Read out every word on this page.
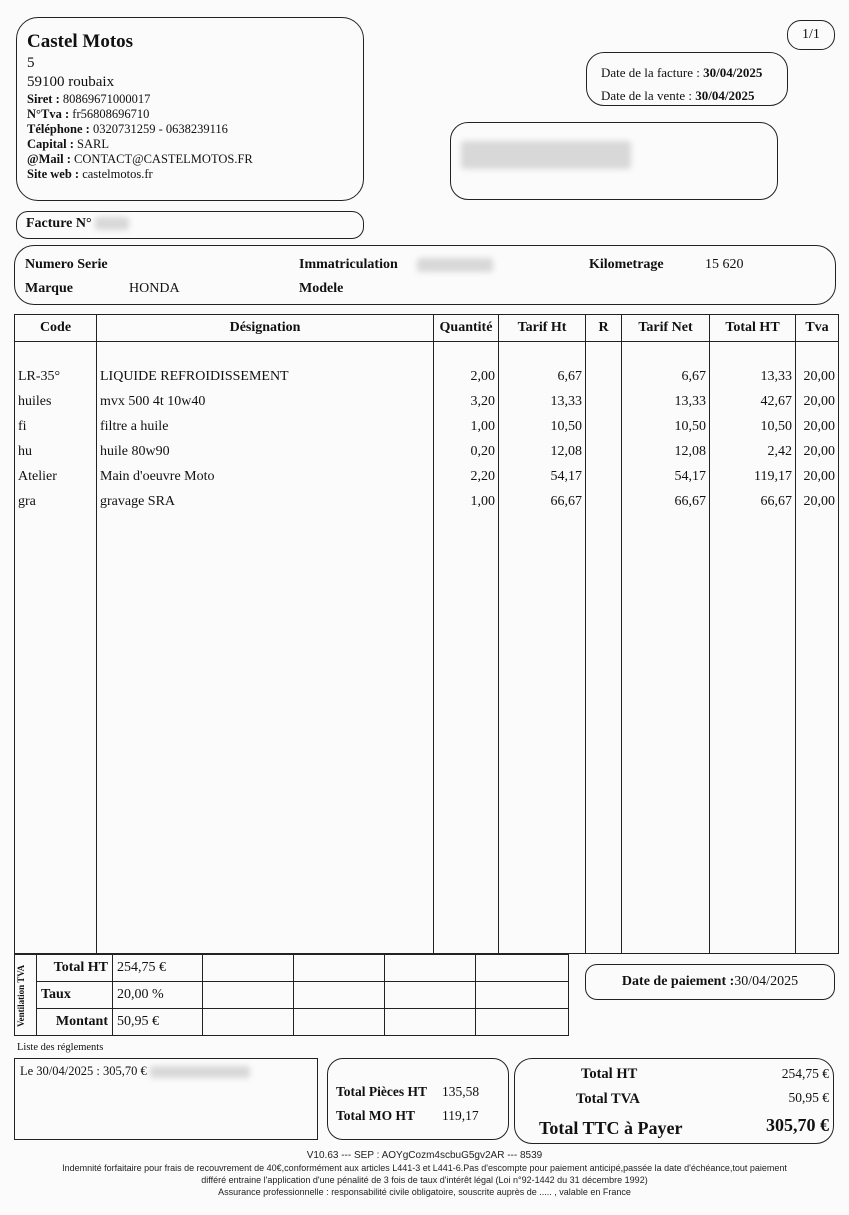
1/1
Castel Motos
5
59100 roubaix
Siret : 80869671000017
N°Tva : fr56808696710
Téléphone : 0320731259 - 0638239116
Capital : SARL
@Mail : CONTACT@CASTELMOTOS.FR
Site web : castelmotos.fr
Date de la facture : 30/04/2025
Date de la vente : 30/04/2025
Facture N°
Numero Serie	Immatriculation	Kilometrage	15 620
Marque	HONDA	Modele
Code	Désignation	Quantité	Tarif Ht	R	Tarif Net	Total HT	Tva

LR-35°	LIQUIDE REFROIDISSEMENT	2,00	6,67		6,67	13,33	20,00
huiles	mvx 500 4t 10w40	3,20	13,33		13,33	42,67	20,00
fi	filtre a huile	1,00	10,50		10,50	10,50	20,00
hu	huile 80w90	0,20	12,08		12,08	2,42	20,00
Atelier	Main d'oeuvre Moto	2,20	54,17		54,17	119,17	20,00
gra	gravage SRA	1,00	66,67		66,67	66,67	20,00

Ventilation TVA	Total HT	254,75 €				
	Taux	20,00 %				
	Montant	50,95 €				
Date de paiement :30/04/2025
Liste des réglements
Le 30/04/2025 : 305,70 €
Total Pièces HT 135,58
Total MO HT 119,17
Total HT	254,75 €
Total TVA	50,95 €
Total TTC à Payer	305,70 €
V10.63 --- SEP : AOYgCozm4scbuG5gv2AR --- 8539
Indemnité forfaitaire pour frais de recouvrement de 40€,conformément aux articles L441-3 et L441-6.Pas d'escompte pour paiement anticipé,passée la date d'échéance,tout paiement
différé entraine l'application d'une pénalité de 3 fois de taux d'intérêt légal (Loi n°92-1442 du 31 décembre 1992)
Assurance professionnelle : responsabilité civile obligatoire, souscrite auprès de ..... , valable en France
